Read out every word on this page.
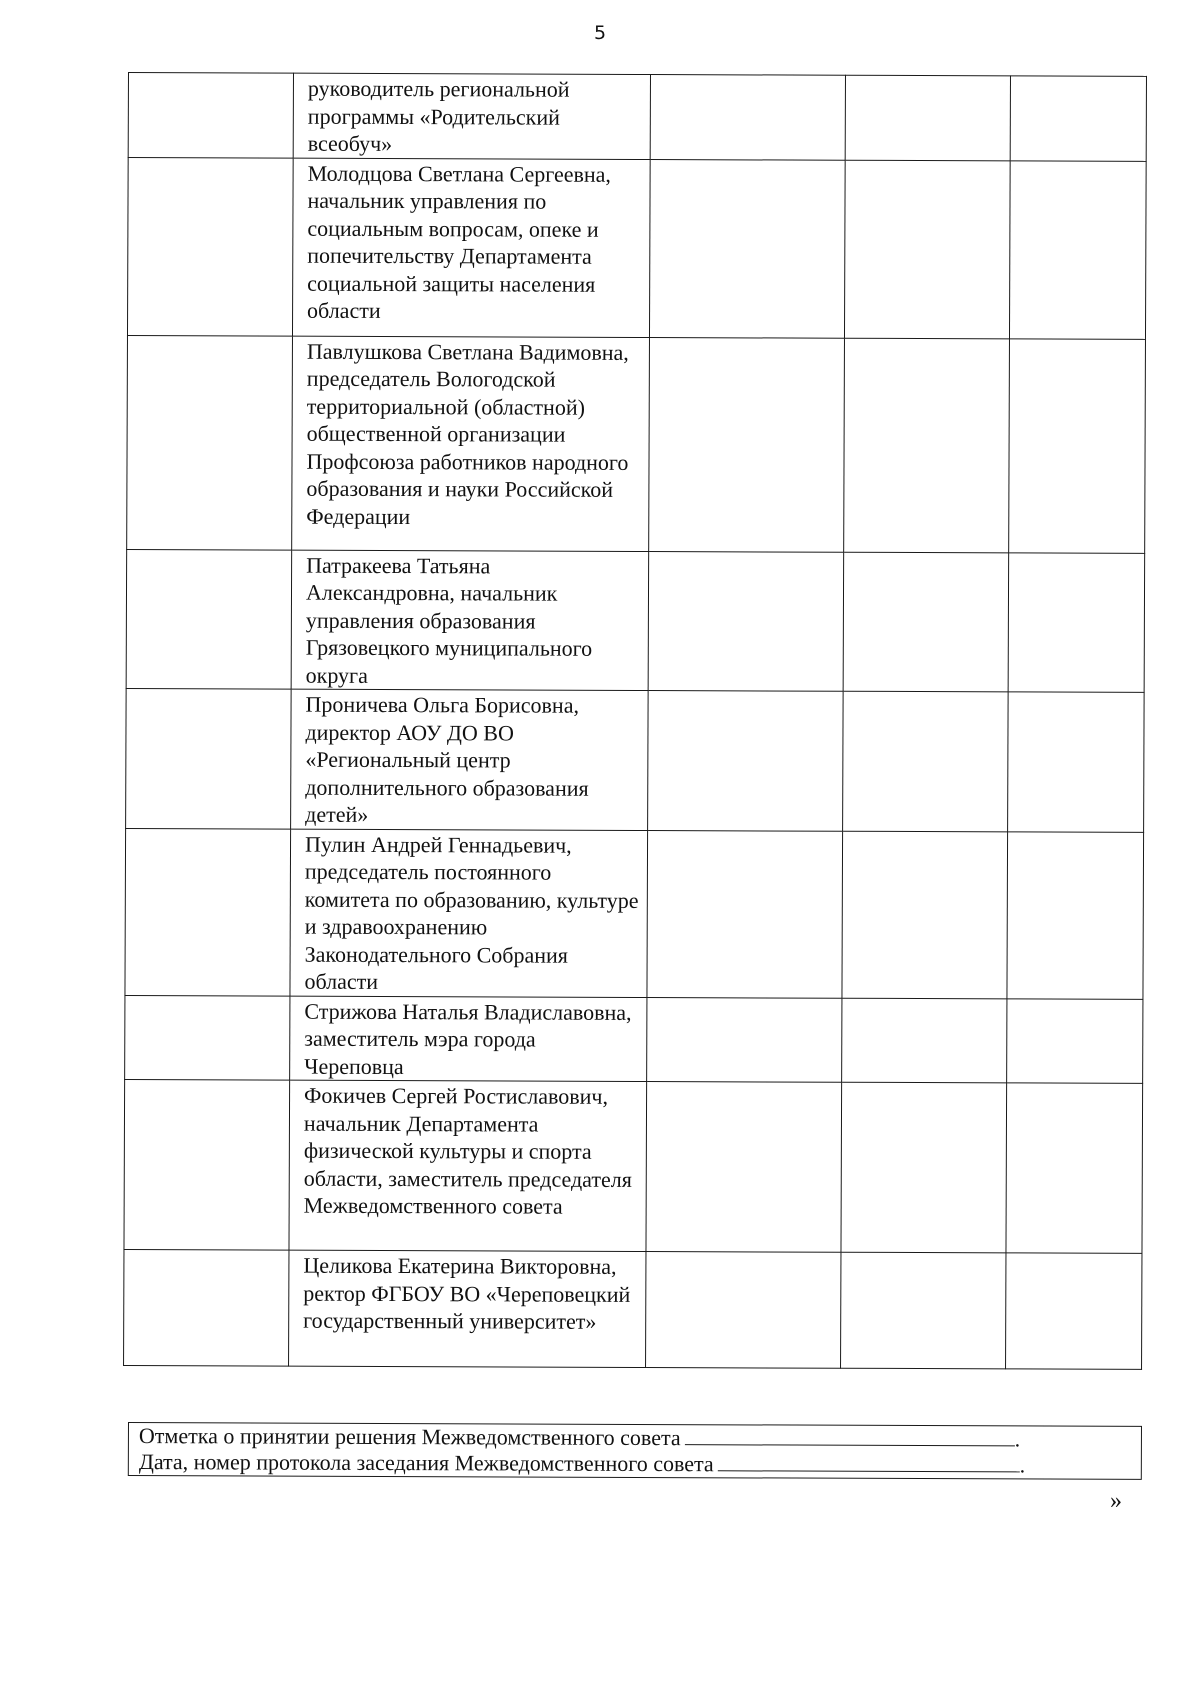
5
	руководитель региональной программы «Родительский всеобуч»			
	Молодцова Светлана Сергеевна, начальник управления по социальным вопросам, опеке и попечительству Департамента социальной защиты населения области			
	Павлушкова Светлана Вадимовна, председатель Вологодской территориальной (областной) общественной организации Профсоюза работников народного образования и науки Российской Федерации			
	Патракеева Татьяна Александровна, начальник управления образования Грязовецкого муниципального округа			
	Проничева Ольга Борисовна, директор АОУ ДО ВО «Региональный центр дополнительного образования детей»			
	Пулин Андрей Геннадьевич, председатель постоянного комитета по образованию, культуре и здравоохранению Законодательного Собрания области			
	Стрижова Наталья Владиславовна, заместитель мэра города Череповца			
	Фокичев Сергей Ростиславович, начальник Департамента физической культуры и спорта области, заместитель председателя Межведомственного совета			
	Целикова Екатерина Викторовна, ректор ФГБОУ ВО «Череповецкий государственный университет»			
Отметка о принятии решения Межведомственного совета	.
Дата, номер протокола заседания Межведомственного совета	.
»
